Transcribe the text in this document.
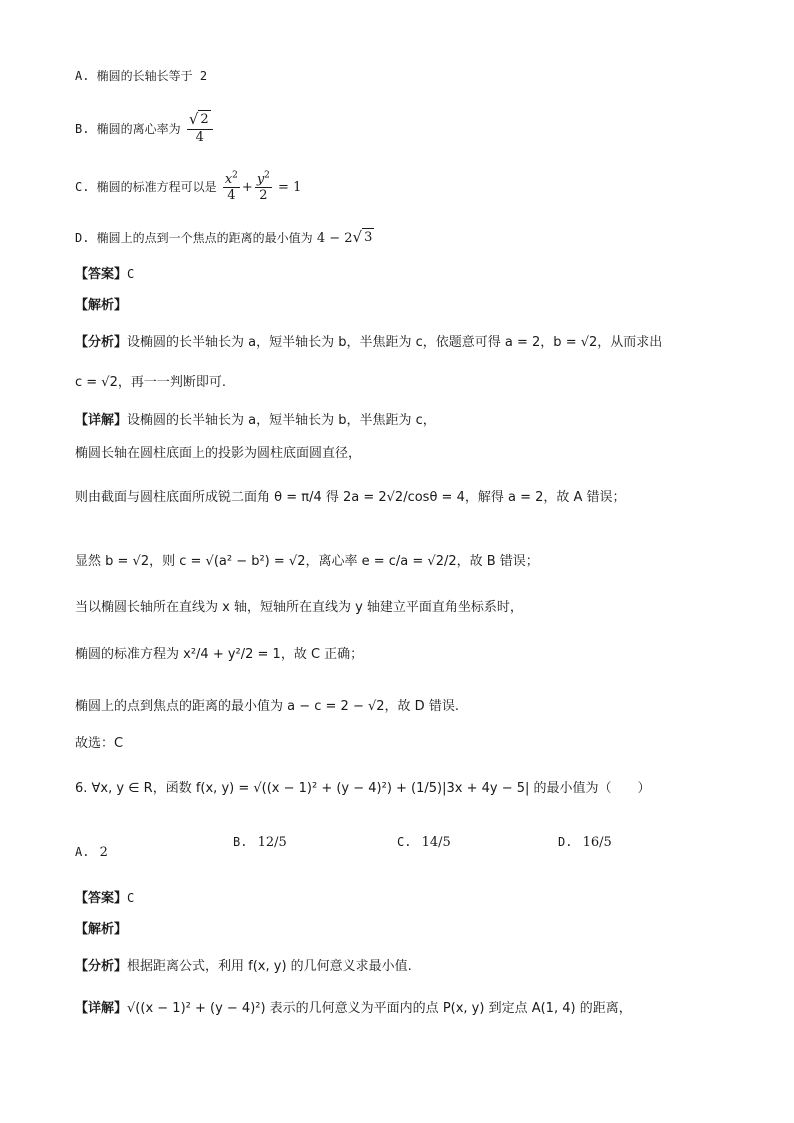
A. 椭圆的长轴长等于 2
B. 椭圆的离心率为 $\frac{√ 2}{4}$
C. 椭圆的标准方程可以是 $\frac{x^2}{4} + \frac{y^2}{2} = 1$
D. 椭圆上的点到一个焦点的距离的最小值为 4 − 2 √ 3
【答案】C
【解析】
【分析】设椭圆的长半轴长为 a，短半轴长为 b，半焦距为 c，依题意可得 a = 2，b = √2，从而求出
c = √2，再一一判断即可.
【详解】设椭圆的长半轴长为 a，短半轴长为 b，半焦距为 c，
椭圆长轴在圆柱底面上的投影为圆柱底面圆直径，
则由截面与圆柱底面所成锐二面角 θ = π/4 得 2a = 2√2/cosθ = 4，解得 a = 2，故 A 错误；
显然 b = √2，则 c = √(a² − b²) = √2，离心率 e = c/a = √2/2，故 B 错误；
当以椭圆长轴所在直线为 x 轴，短轴所在直线为 y 轴建立平面直角坐标系时，
椭圆的标准方程为 x²/4 + y²/2 = 1，故 C 正确；
椭圆上的点到焦点的距离的最小值为 a − c = 2 − √2，故 D 错误.
故选：C
6. ∀x, y ∈ R，函数 f(x, y) = √((x − 1)² + (y − 4)²) + (1/5)|3x + 4y − 5| 的最小值为（　　）
A. 2
B. 12/5	C. 14/5	D. 16/5
【答案】C
【解析】
【分析】根据距离公式，利用 f(x, y) 的几何意义求最小值.
【详解】√((x − 1)² + (y − 4)²) 表示的几何意义为平面内的点 P(x, y) 到定点 A(1, 4) 的距离，
